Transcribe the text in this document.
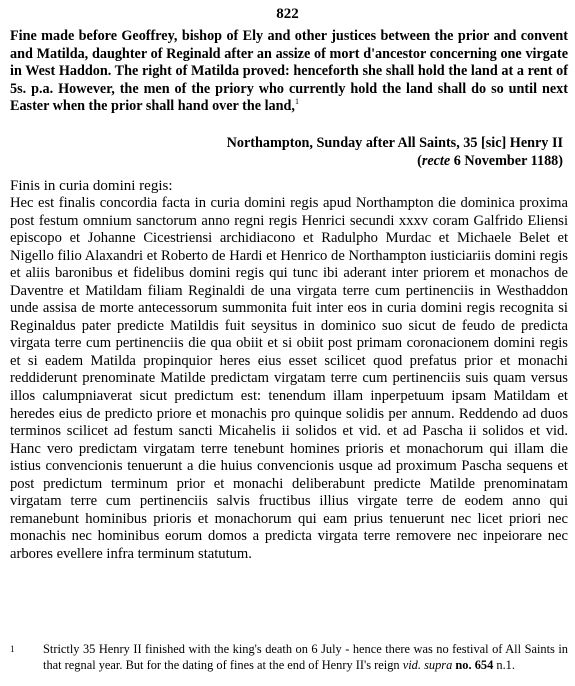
822
Fine made before Geoffrey, bishop of Ely and other justices between the prior and convent and Matilda, daughter of Reginald after an assize of mort d'ancestor concerning one virgate in West Haddon. The right of Matilda proved: henceforth she shall hold the land at a rent of 5s. p.a. However, the men of the priory who currently hold the land shall do so until next Easter when the prior shall hand over the land,$^1$
Northampton, Sunday after All Saints, 35 [sic] Henry II
(recte 6 November 1188)
Finis in curia domini regis:
Hec est finalis concordia facta in curia domini regis apud Northampton die dominica proxima post festum omnium sanctorum anno regni regis Henrici secundi xxxv coram Galfrido Eliensi episcopo et Johanne Cicestriensi archidiacono et Radulpho Murdac et Michaele Belet et Nigello filio Alaxandri et Roberto de Hardi et Henrico de Northampton iusticiariis domini regis et aliis baronibus et fidelibus domini regis qui tunc ibi aderant inter priorem et monachos de Daventre et Matildam filiam Reginaldi de una virgata terre cum pertinenciis in Westhaddon unde assisa de morte antecessorum summonita fuit inter eos in curia domini regis recognita si Reginaldus pater predicte Matildis fuit seysitus in dominico suo sicut de feudo de predicta virgata terre cum pertinenciis die qua obiit et si obiit post primam coronacionem domini regis et si eadem Matilda propinquior heres eius esset scilicet quod prefatus prior et monachi reddiderunt prenominate Matilde predictam virgatam terre cum pertinenciis suis quam versus illos calumpniaverat sicut predictum est: tenendum illam inperpetuum ipsam Matildam et heredes eius de predicto priore et monachis pro quinque solidis per annum. Reddendo ad duos terminos scilicet ad festum sancti Micahelis ii solidos et vid. et ad Pascha ii solidos et vid. Hanc vero predictam virgatam terre tenebunt homines prioris et monachorum qui illam die istius convencionis tenuerunt a die huius convencionis usque ad proximum Pascha sequens et post predictum terminum prior et monachi deliberabunt predicte Matilde prenominatam virgatam terre cum pertinenciis salvis fructibus illius virgate terre de eodem anno qui remanebunt hominibus prioris et monachorum qui eam prius tenuerunt nec licet priori nec monachis nec hominibus eorum domos a predicta virgata terre removere nec inpeiorare nec arbores evellere infra terminum statutum.
1 Strictly 35 Henry II finished with the king's death on 6 July - hence there was no festival of All Saints in that regnal year. But for the dating of fines at the end of Henry II's reign vid. supra no. 654 n.1.
